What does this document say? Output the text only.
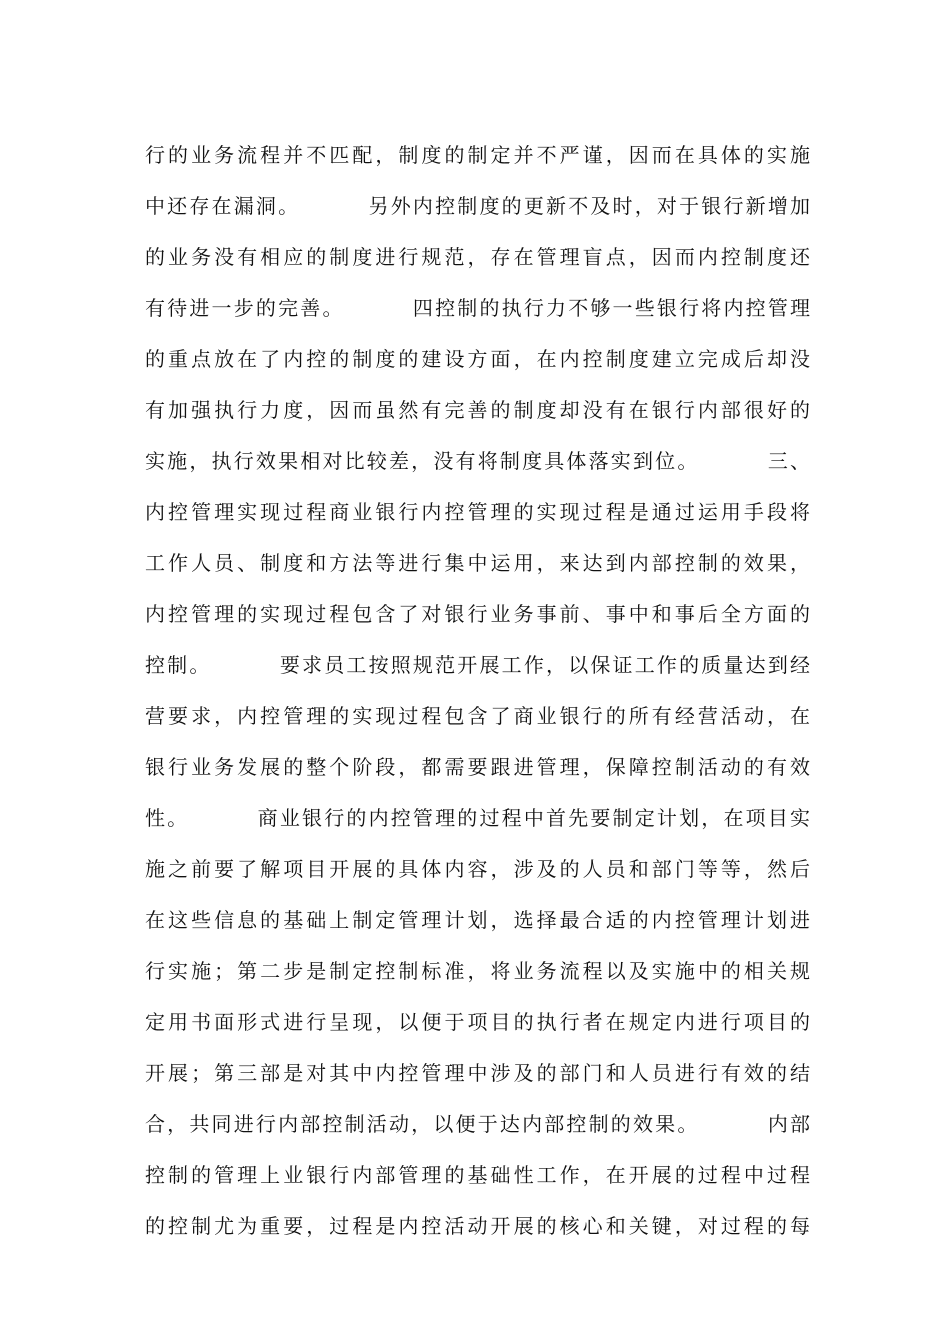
行的业务流程并不匹配，制度的制定并不严谨，因而在具体的实施
中还存在漏洞。        另外内控制度的更新不及时，对于银行新增加
的业务没有相应的制度进行规范，存在管理盲点，因而内控制度还
有待进一步的完善。        四控制的执行力不够一些银行将内控管理
的重点放在了内控的制度的建设方面，在内控制度建立完成后却没
有加强执行力度，因而虽然有完善的制度却没有在银行内部很好的
实施，执行效果相对比较差，没有将制度具体落实到位。        三、
内控管理实现过程商业银行内控管理的实现过程是通过运用手段将
工作人员、制度和方法等进行集中运用，来达到内部控制的效果，
内控管理的实现过程包含了对银行业务事前、事中和事后全方面的
控制。        要求员工按照规范开展工作，以保证工作的质量达到经
营要求，内控管理的实现过程包含了商业银行的所有经营活动，在
银行业务发展的整个阶段，都需要跟进管理，保障控制活动的有效
性。        商业银行的内控管理的过程中首先要制定计划，在项目实
施之前要了解项目开展的具体内容，涉及的人员和部门等等，然后
在这些信息的基础上制定管理计划，选择最合适的内控管理计划进
行实施；第二步是制定控制标准，将业务流程以及实施中的相关规
定用书面形式进行呈现，以便于项目的执行者在规定内进行项目的
开展；第三部是对其中内控管理中涉及的部门和人员进行有效的结
合，共同进行内部控制活动，以便于达内部控制的效果。        内部
控制的管理上业银行内部管理的基础性工作，在开展的过程中过程
的控制尤为重要，过程是内控活动开展的核心和关键，对过程的每
